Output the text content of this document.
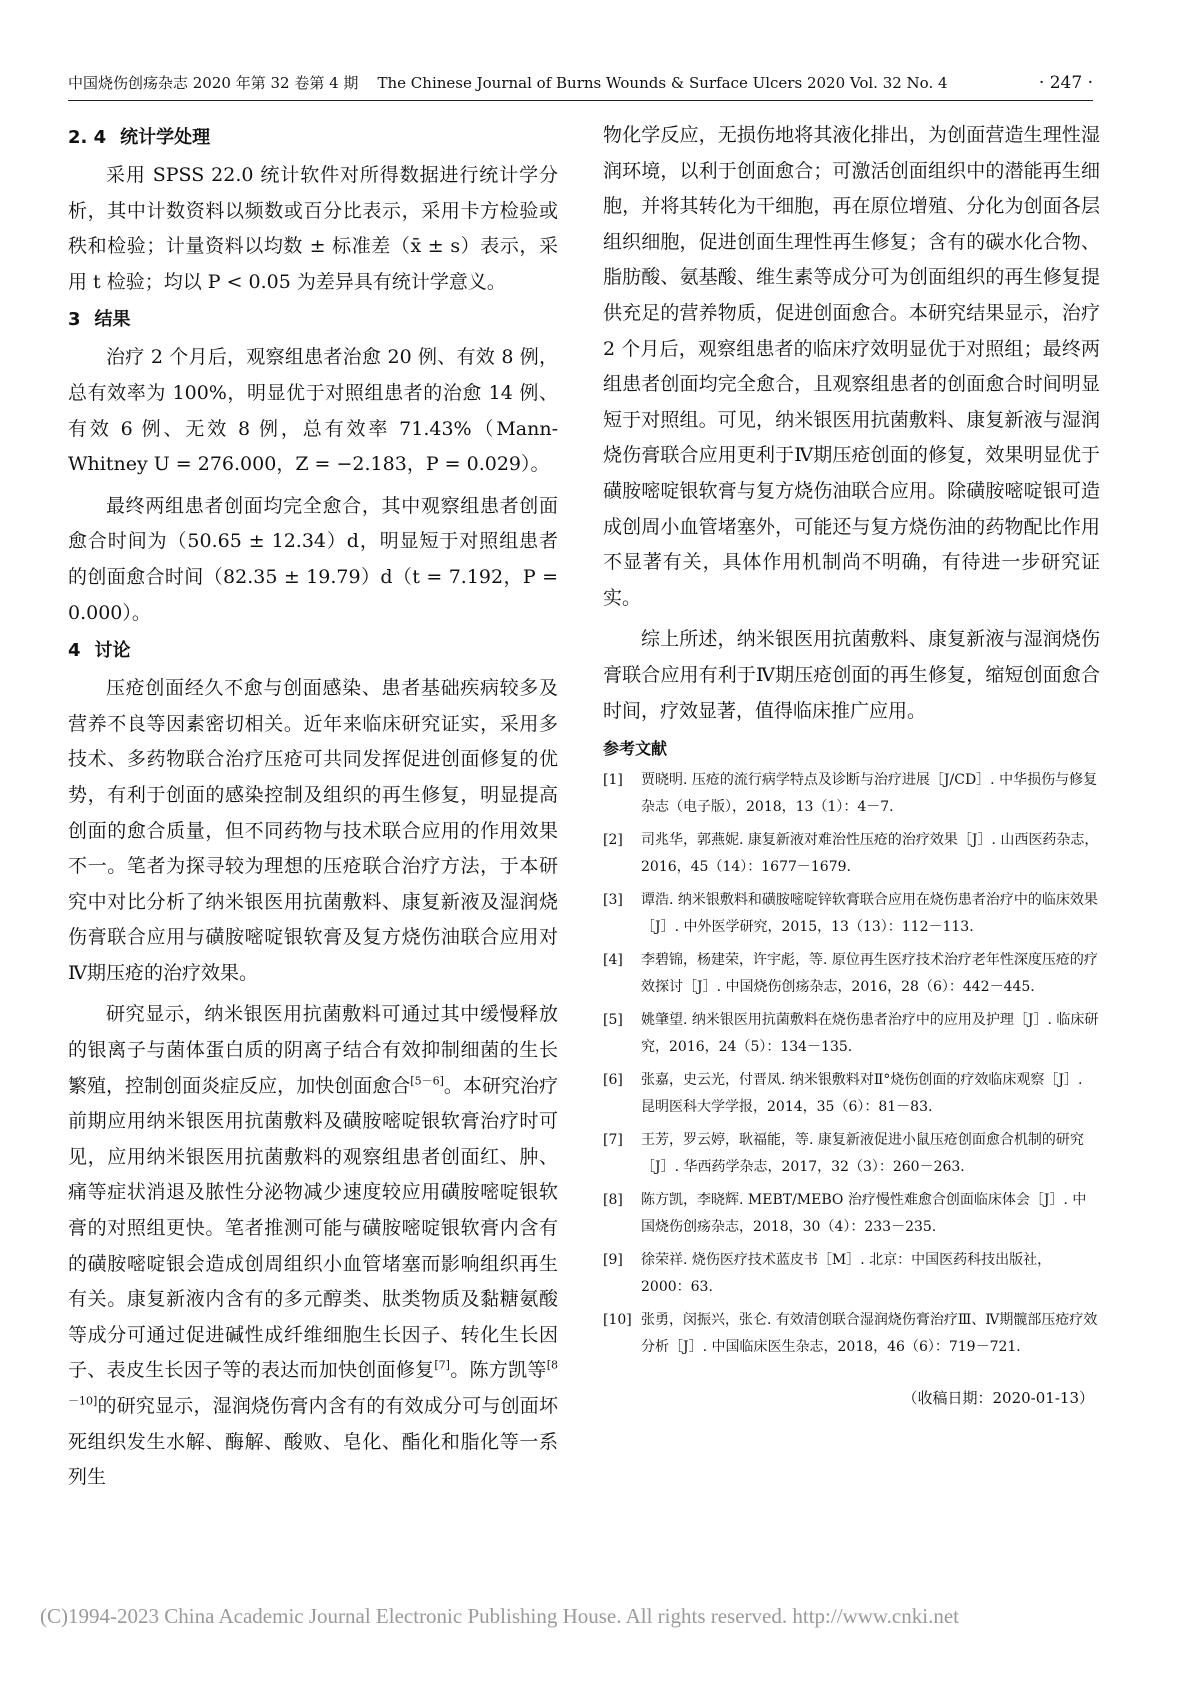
中国烧伤创疡杂志 2020 年第 32 卷第 4 期 The Chinese Journal of Burns Wounds & Surface Ulcers 2020 Vol. 32 No. 4	· 247 ·
2. 4 统计学处理

采用 SPSS 22.0 统计软件对所得数据进行统计学分析，其中计数资料以频数或百分比表示，采用卡方检验或秩和检验；计量资料以均数 ± 标准差（x̄ ± s）表示，采用 t 检验；均以 P < 0.05 为差异具有统计学意义。

3 结果

治疗 2 个月后，观察组患者治愈 20 例、有效 8 例，总有效率为 100%，明显优于对照组患者的治愈 14 例、有效 6 例、无效 8 例，总有效率 71.43%（Mann-Whitney U = 276.000，Z = −2.183，P = 0.029）。

最终两组患者创面均完全愈合，其中观察组患者创面愈合时间为（50.65 ± 12.34）d，明显短于对照组患者的创面愈合时间（82.35 ± 19.79）d（t = 7.192，P = 0.000）。

4 讨论

压疮创面经久不愈与创面感染、患者基础疾病较多及营养不良等因素密切相关。近年来临床研究证实，采用多技术、多药物联合治疗压疮可共同发挥促进创面修复的优势，有利于创面的感染控制及组织的再生修复，明显提高创面的愈合质量，但不同药物与技术联合应用的作用效果不一。笔者为探寻较为理想的压疮联合治疗方法，于本研究中对比分析了纳米银医用抗菌敷料、康复新液及湿润烧伤膏联合应用与磺胺嘧啶银软膏及复方烧伤油联合应用对Ⅳ期压疮的治疗效果。

研究显示，纳米银医用抗菌敷料可通过其中缓慢释放的银离子与菌体蛋白质的阴离子结合有效抑制细菌的生长繁殖，控制创面炎症反应，加快创面愈合[5－6]。本研究治疗前期应用纳米银医用抗菌敷料及磺胺嘧啶银软膏治疗时可见，应用纳米银医用抗菌敷料的观察组患者创面红、肿、痛等症状消退及脓性分泌物减少速度较应用磺胺嘧啶银软膏的对照组更快。笔者推测可能与磺胺嘧啶银软膏内含有的磺胺嘧啶银会造成创周组织小血管堵塞而影响组织再生有关。康复新液内含有的多元醇类、肽类物质及黏糖氨酸等成分可通过促进碱性成纤维细胞生长因子、转化生长因子、表皮生长因子等的表达而加快创面修复[7]。陈方凯等[8－10]的研究显示，湿润烧伤膏内含有的有效成分可与创面坏死组织发生水解、酶解、酸败、皂化、酯化和脂化等一系列生

物化学反应，无损伤地将其液化排出，为创面营造生理性湿润环境，以利于创面愈合；可激活创面组织中的潜能再生细胞，并将其转化为干细胞，再在原位增殖、分化为创面各层组织细胞，促进创面生理性再生修复；含有的碳水化合物、脂肪酸、氨基酸、维生素等成分可为创面组织的再生修复提供充足的营养物质，促进创面愈合。本研究结果显示，治疗 2 个月后，观察组患者的临床疗效明显优于对照组；最终两组患者创面均完全愈合，且观察组患者的创面愈合时间明显短于对照组。可见，纳米银医用抗菌敷料、康复新液与湿润烧伤膏联合应用更利于Ⅳ期压疮创面的修复，效果明显优于磺胺嘧啶银软膏与复方烧伤油联合应用。除磺胺嘧啶银可造成创周小血管堵塞外，可能还与复方烧伤油的药物配比作用不显著有关，具体作用机制尚不明确，有待进一步研究证实。

综上所述，纳米银医用抗菌敷料、康复新液与湿润烧伤膏联合应用有利于Ⅳ期压疮创面的再生修复，缩短创面愈合时间，疗效显著，值得临床推广应用。

参考文献
[1]	贾晓明. 压疮的流行病学特点及诊断与治疗进展［J/CD］. 中华损伤与修复杂志（电子版），2018，13（1）：4－7.
[2]	司兆华，郭燕妮. 康复新液对难治性压疮的治疗效果［J］. 山西医药杂志，2016，45（14）：1677－1679.
[3]	谭浩. 纳米银敷料和磺胺嘧啶锌软膏联合应用在烧伤患者治疗中的临床效果［J］. 中外医学研究，2015，13（13）：112－113.
[4]	李碧锦，杨建荣，许宇彪，等. 原位再生医疗技术治疗老年性深度压疮的疗效探讨［J］. 中国烧伤创疡杂志，2016，28（6）：442－445.
[5]	姚肇望. 纳米银医用抗菌敷料在烧伤患者治疗中的应用及护理［J］. 临床研究，2016，24（5）：134－135.
[6]	张嘉，史云光，付晋凤. 纳米银敷料对Ⅱ°烧伤创面的疗效临床观察［J］. 昆明医科大学学报，2014，35（6）：81－83.
[7]	王芳，罗云婷，耿福能，等. 康复新液促进小鼠压疮创面愈合机制的研究［J］. 华西药学杂志，2017，32（3）：260－263.
[8]	陈方凯，李晓辉. MEBT/MEBO 治疗慢性难愈合创面临床体会［J］. 中国烧伤创疡杂志，2018，30（4）：233－235.
[9]	徐荣祥. 烧伤医疗技术蓝皮书［M］. 北京：中国医药科技出版社，2000：63.
[10] 张勇，闵振兴，张仑. 有效清创联合湿润烧伤膏治疗Ⅲ、Ⅳ期髋部压疮疗效分析［J］. 中国临床医生杂志，2018，46（6）：719－721.
（收稿日期：2020-01-13）
(C)1994-2023 China Academic Journal Electronic Publishing House. All rights reserved. http://www.cnki.net
